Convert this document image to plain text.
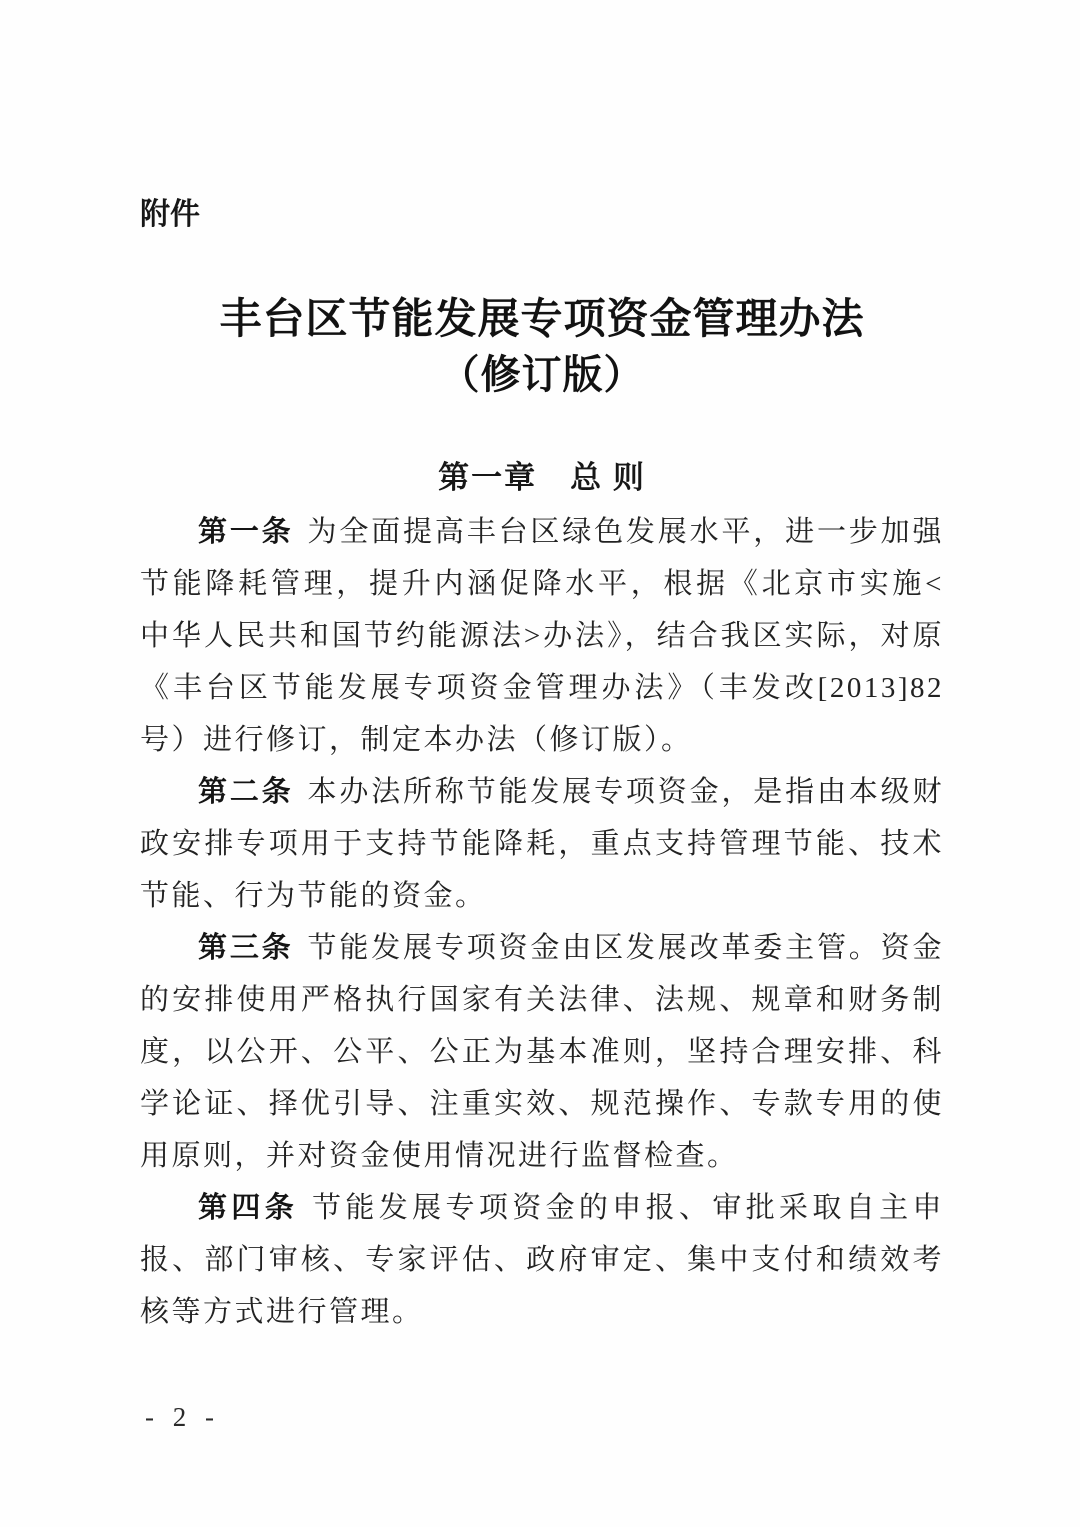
附件
丰台区节能发展专项资金管理办法
（修订版）
第一章　总 则

第一条 为全面提高丰台区绿色发展水平，进一步加强节能降耗管理，提升内涵促降水平，根据《北京市实施<中华人民共和国节约能源法>办法》，结合我区实际，对原《丰台区节能发展专项资金管理办法》（丰发改[2013]82 号）进行修订，制定本办法（修订版）。

第二条 本办法所称节能发展专项资金，是指由本级财政安排专项用于支持节能降耗，重点支持管理节能、技术节能、行为节能的资金。

第三条 节能发展专项资金由区发展改革委主管。资金的安排使用严格执行国家有关法律、法规、规章和财务制度，以公开、公平、公正为基本准则，坚持合理安排、科学论证、择优引导、注重实效、规范操作、专款专用的使用原则，并对资金使用情况进行监督检查。

第四条 节能发展专项资金的申报、审批采取自主申报、部门审核、专家评估、政府审定、集中支付和绩效考核等方式进行管理。

- 2 -
